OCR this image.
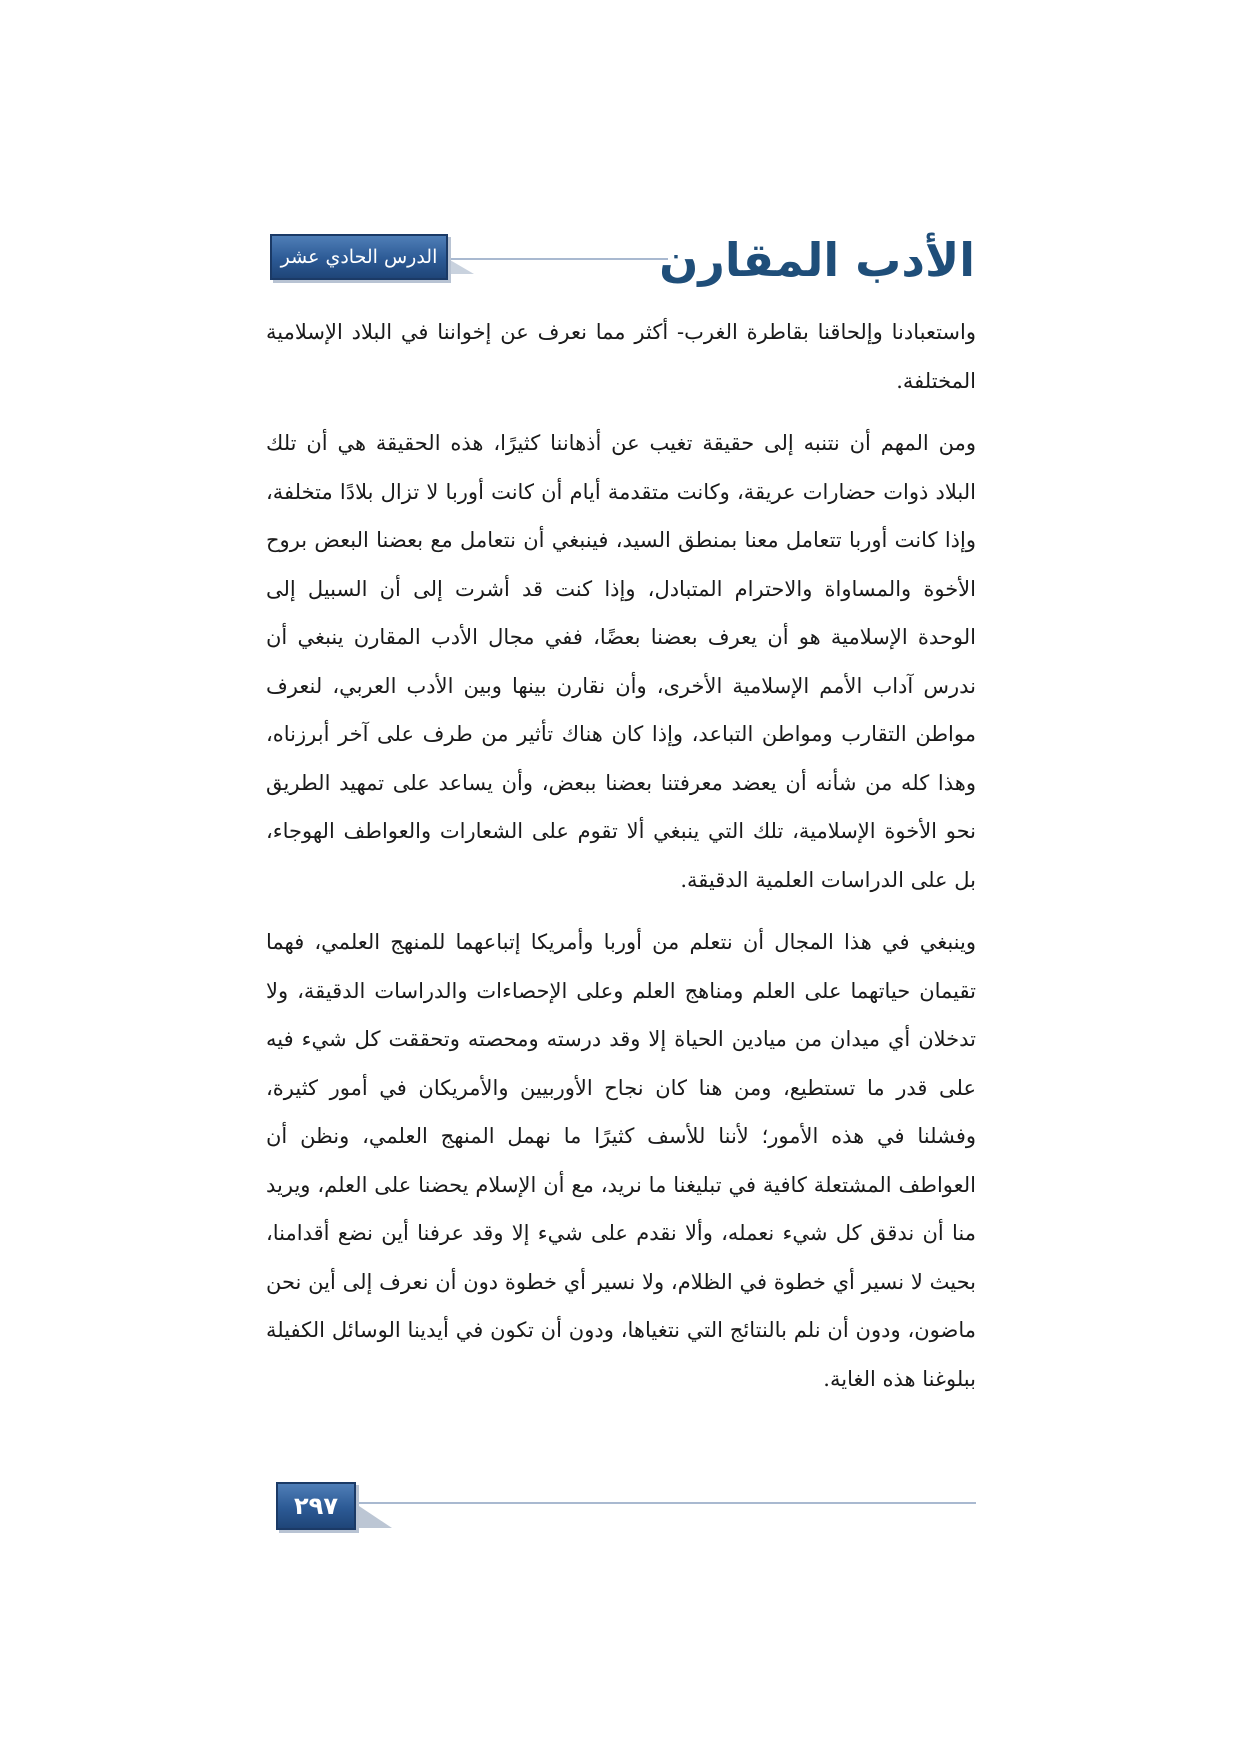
الأدب المقارن
الدرس الحادي عشر

واستعبادنا وإلحاقنا بقاطرة الغرب- أكثر مما نعرف عن إخواننا في البلاد الإسلامية المختلفة.

ومن المهم أن نتنبه إلى حقيقة تغيب عن أذهاننا كثيرًا، هذه الحقيقة هي أن تلك البلاد ذوات حضارات عريقة، وكانت متقدمة أيام أن كانت أوربا لا تزال بلادًا متخلفة، وإذا كانت أوربا تتعامل معنا بمنطق السيد، فينبغي أن نتعامل مع بعضنا البعض بروح الأخوة والمساواة والاحترام المتبادل، وإذا كنت قد أشرت إلى أن السبيل إلى الوحدة الإسلامية هو أن يعرف بعضنا بعضًا، ففي مجال الأدب المقارن ينبغي أن ندرس آداب الأمم الإسلامية الأخرى، وأن نقارن بينها وبين الأدب العربي، لنعرف مواطن التقارب ومواطن التباعد، وإذا كان هناك تأثير من طرف على آخر أبرزناه، وهذا كله من شأنه أن يعضد معرفتنا بعضنا ببعض، وأن يساعد على تمهيد الطريق نحو الأخوة الإسلامية، تلك التي ينبغي ألا تقوم على الشعارات والعواطف الهوجاء، بل على الدراسات العلمية الدقيقة.

وينبغي في هذا المجال أن نتعلم من أوربا وأمريكا إتباعهما للمنهج العلمي، فهما تقيمان حياتهما على العلم ومناهج العلم وعلى الإحصاءات والدراسات الدقيقة، ولا تدخلان أي ميدان من ميادين الحياة إلا وقد درسته ومحصته وتحققت كل شيء فيه على قدر ما تستطيع، ومن هنا كان نجاح الأوربيين والأمريكان في أمور كثيرة، وفشلنا في هذه الأمور؛ لأننا للأسف كثيرًا ما نهمل المنهج العلمي، ونظن أن العواطف المشتعلة كافية في تبليغنا ما نريد، مع أن الإسلام يحضنا على العلم، ويريد منا أن ندقق كل شيء نعمله، وألا نقدم على شيء إلا وقد عرفنا أين نضع أقدامنا، بحيث لا نسير أي خطوة في الظلام، ولا نسير أي خطوة دون أن نعرف إلى أين نحن ماضون، ودون أن نلم بالنتائج التي نتغياها، ودون أن تكون في أيدينا الوسائل الكفيلة ببلوغنا هذه الغاية.

٢٩٧
